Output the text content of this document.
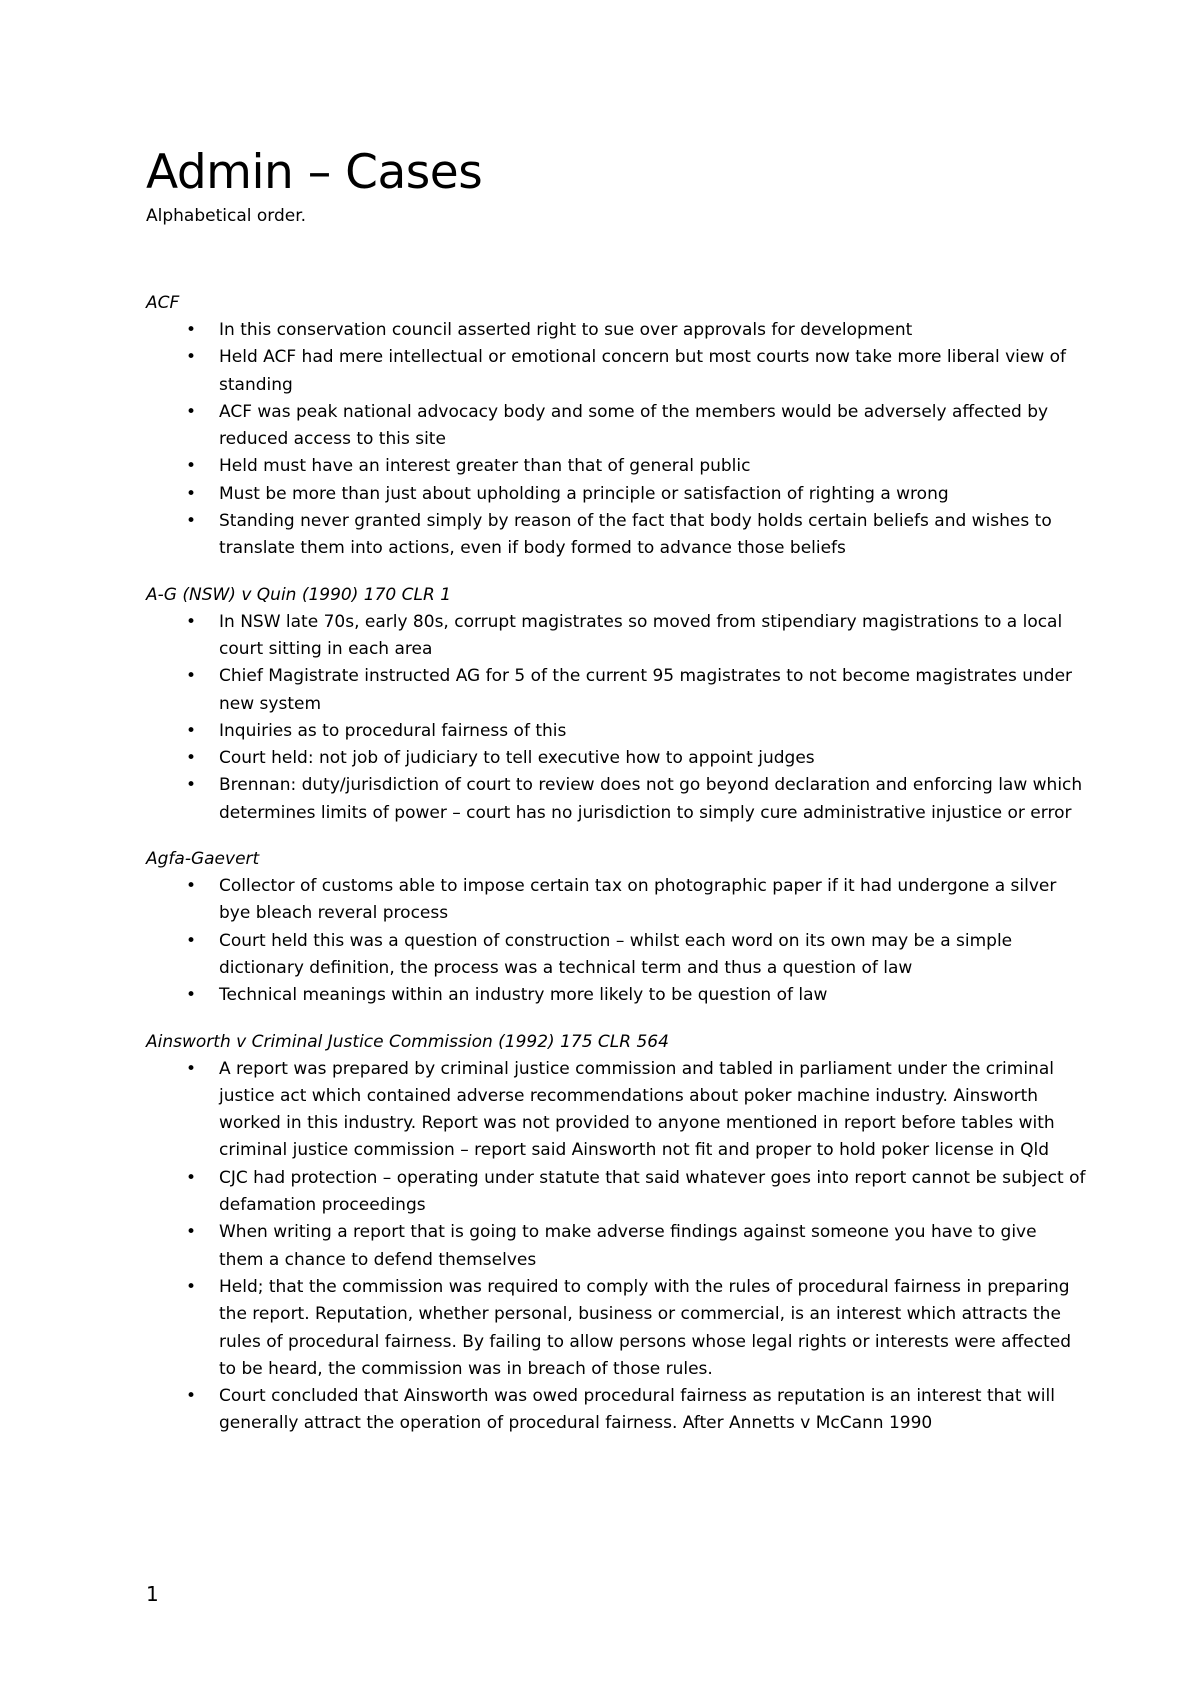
Admin – Cases

Alphabetical order.

ACF

• In this conservation council asserted right to sue over approvals for development
• Held ACF had mere intellectual or emotional concern but most courts now take more liberal view of standing
• ACF was peak national advocacy body and some of the members would be adversely affected by reduced access to this site
• Held must have an interest greater than that of general public
• Must be more than just about upholding a principle or satisfaction of righting a wrong
• Standing never granted simply by reason of the fact that body holds certain beliefs and wishes to translate them into actions, even if body formed to advance those beliefs

A-G (NSW) v Quin (1990) 170 CLR 1

• In NSW late 70s, early 80s, corrupt magistrates so moved from stipendiary magistrations to a local court sitting in each area
• Chief Magistrate instructed AG for 5 of the current 95 magistrates to not become magistrates under new system
• Inquiries as to procedural fairness of this
• Court held: not job of judiciary to tell executive how to appoint judges
• Brennan: duty/jurisdiction of court to review does not go beyond declaration and enforcing law which determines limits of power – court has no jurisdiction to simply cure administrative injustice or error

Agfa-Gaevert

• Collector of customs able to impose certain tax on photographic paper if it had undergone a silver bye bleach reveral process
• Court held this was a question of construction – whilst each word on its own may be a simple dictionary definition, the process was a technical term and thus a question of law
• Technical meanings within an industry more likely to be question of law

Ainsworth v Criminal Justice Commission (1992) 175 CLR 564

• A report was prepared by criminal justice commission and tabled in parliament under the criminal justice act which contained adverse recommendations about poker machine industry. Ainsworth worked in this industry. Report was not provided to anyone mentioned in report before tables with criminal justice commission – report said Ainsworth not fit and proper to hold poker license in Qld
• CJC had protection – operating under statute that said whatever goes into report cannot be subject of defamation proceedings
• When writing a report that is going to make adverse findings against someone you have to give them a chance to defend themselves
• Held; that the commission was required to comply with the rules of procedural fairness in preparing the report. Reputation, whether personal, business or commercial, is an interest which attracts the rules of procedural fairness. By failing to allow persons whose legal rights or interests were affected to be heard, the commission was in breach of those rules.
• Court concluded that Ainsworth was owed procedural fairness as reputation is an interest that will generally attract the operation of procedural fairness. After Annetts v McCann 1990
1
